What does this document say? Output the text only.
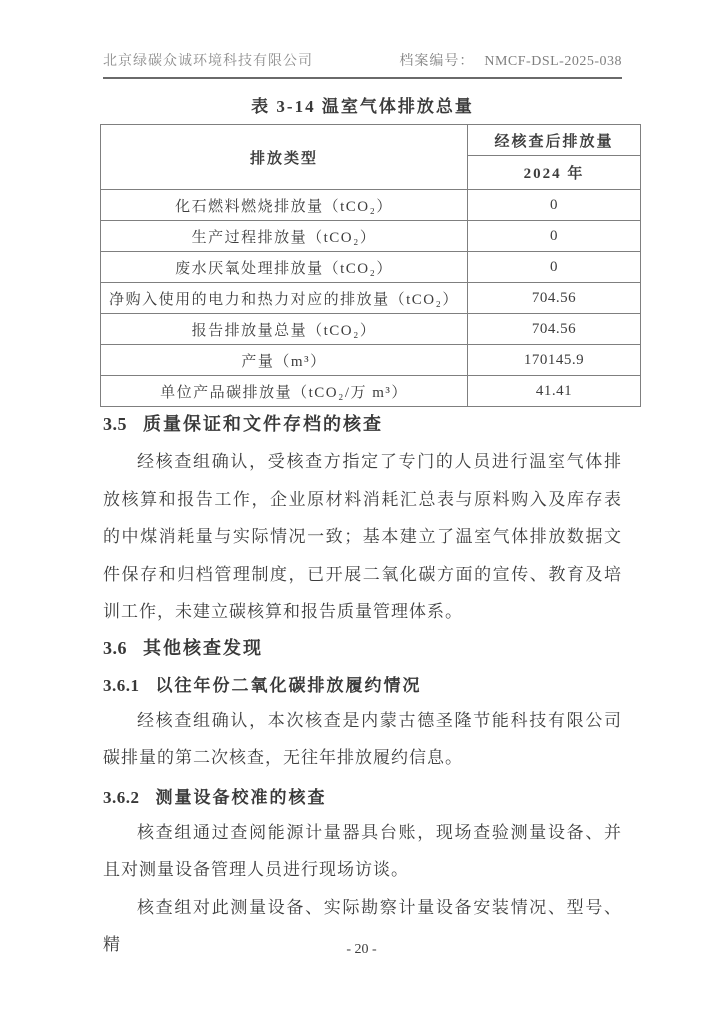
北京绿碳众诚环境科技有限公司	档案编号： NMCF-DSL-2025-038
表 3-14 温室气体排放总量
排放类型	经核查后排放量
	2024 年
化石燃料燃烧排放量（tCO₂）	0
生产过程排放量（tCO₂）	0
废水厌氧处理排放量（tCO₂）	0
净购入使用的电力和热力对应的排放量（tCO₂）	704.56
报告排放量总量（tCO₂）	704.56
产量（m³）	170145.9
单位产品碳排放量（tCO₂/万 m³）	41.41
3.5 质量保证和文件存档的核查

经核查组确认，受核查方指定了专门的人员进行温室气体排放核算和报告工作，企业原材料消耗汇总表与原料购入及库存表的中煤消耗量与实际情况一致；基本建立了温室气体排放数据文件保存和归档管理制度，已开展二氧化碳方面的宣传、教育及培训工作，未建立碳核算和报告质量管理体系。

3.6 其他核查发现
3.6.1 以往年份二氧化碳排放履约情况

经核查组确认，本次核查是内蒙古德圣隆节能科技有限公司碳排量的第二次核查，无往年排放履约信息。

3.6.2 测量设备校准的核查

核查组通过查阅能源计量器具台账，现场查验测量设备、并且对测量设备管理人员进行现场访谈。

核查组对此测量设备、实际勘察计量设备安装情况、型号、精	- 20 -
